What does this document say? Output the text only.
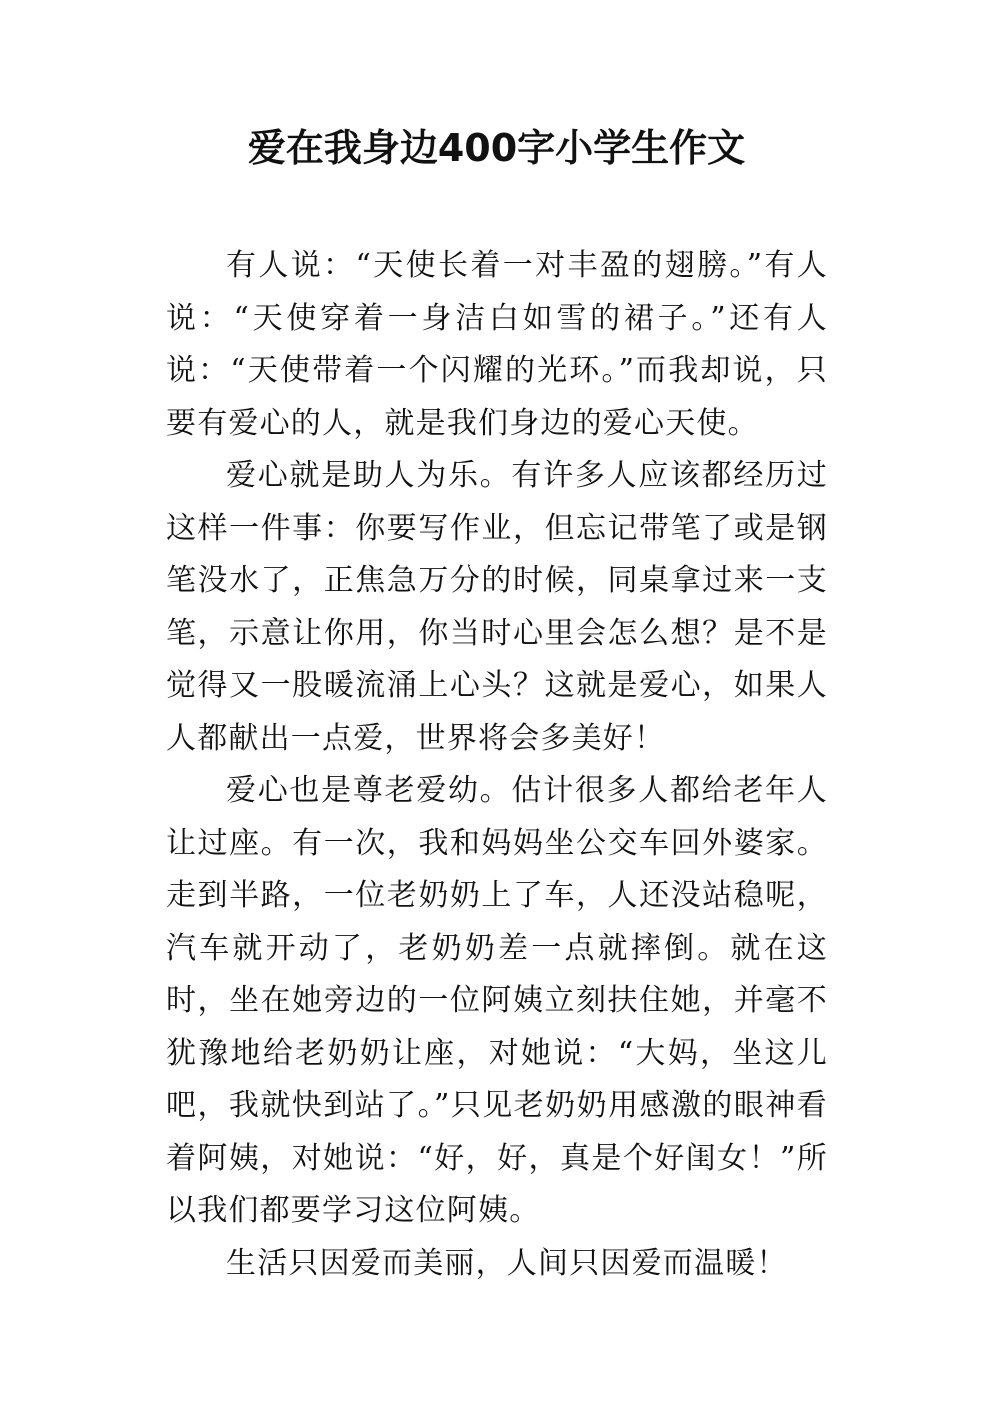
爱在我身边400字小学生作文

有人说：“天使长着一对丰盈的翅膀。”有人说：“天使穿着一身洁白如雪的裙子。”还有人说：“天使带着一个闪耀的光环。”而我却说，只要有爱心的人，就是我们身边的爱心天使。

爱心就是助人为乐。有许多人应该都经历过这样一件事：你要写作业，但忘记带笔了或是钢笔没水了，正焦急万分的时候，同桌拿过来一支笔，示意让你用，你当时心里会怎么想？是不是觉得又一股暖流涌上心头？这就是爱心，如果人人都献出一点爱，世界将会多美好！

爱心也是尊老爱幼。估计很多人都给老年人让过座。有一次，我和妈妈坐公交车回外婆家。走到半路，一位老奶奶上了车，人还没站稳呢，汽车就开动了，老奶奶差一点就摔倒。就在这时，坐在她旁边的一位阿姨立刻扶住她，并毫不犹豫地给老奶奶让座，对她说：“大妈，坐这儿吧，我就快到站了。”只见老奶奶用感激的眼神看着阿姨，对她说：“好，好，真是个好闺女！”所以我们都要学习这位阿姨。

生活只因爱而美丽，人间只因爱而温暖！
